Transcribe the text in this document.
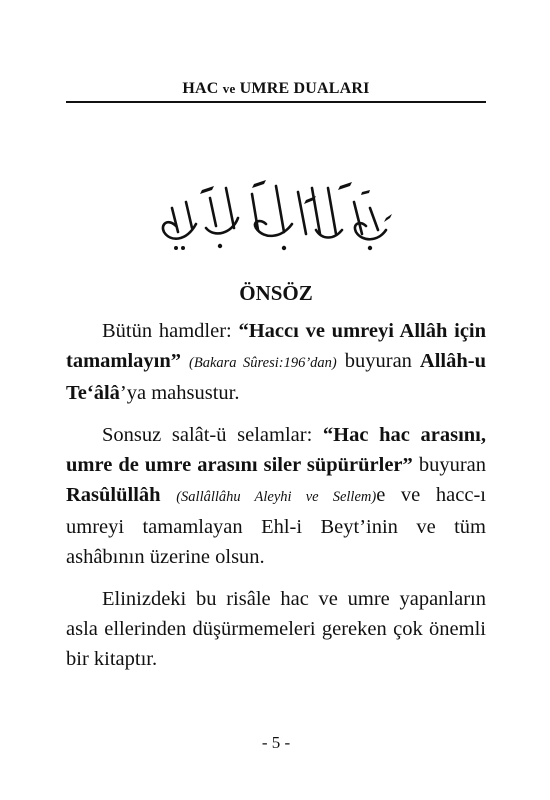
HAC ve UMRE DUALARI
ÖNSÖZ

Bütün hamdler: “Haccı ve umreyi Allâh için tamamlayın” (Bakara Sûresi:196’dan) buyuran Allâh-u Te‘âlâ’ya mahsustur.

Sonsuz salât-ü selamlar: “Hac hac arasını, umre de umre arasını siler süpürürler” buyuran Rasûlüllâh (Sallâllâhu Aleyhi ve Sellem)e ve hacc-ı umreyi tamamlayan Ehl-i Beyt’inin ve tüm ashâbının üzerine olsun.

Elinizdeki bu risâle hac ve umre yapanların asla ellerinden düşürmemeleri gereken çok önemli bir kitaptır.

- 5 -
